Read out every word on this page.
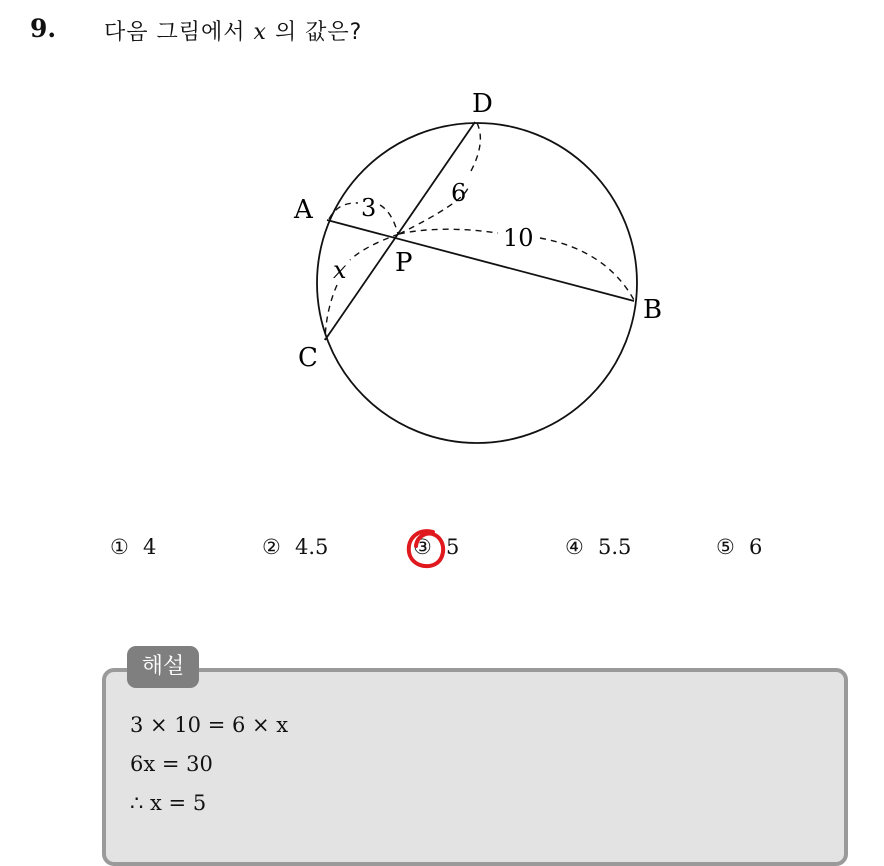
9. 다음 그림에서 x 의 값은?
D
A
P
B
C
3
6
10
x
① 4	② 4.5	③ 5	④ 5.5	⑤ 6
해설
3 × 10 = 6 × x
6x = 30
∴ x = 5
